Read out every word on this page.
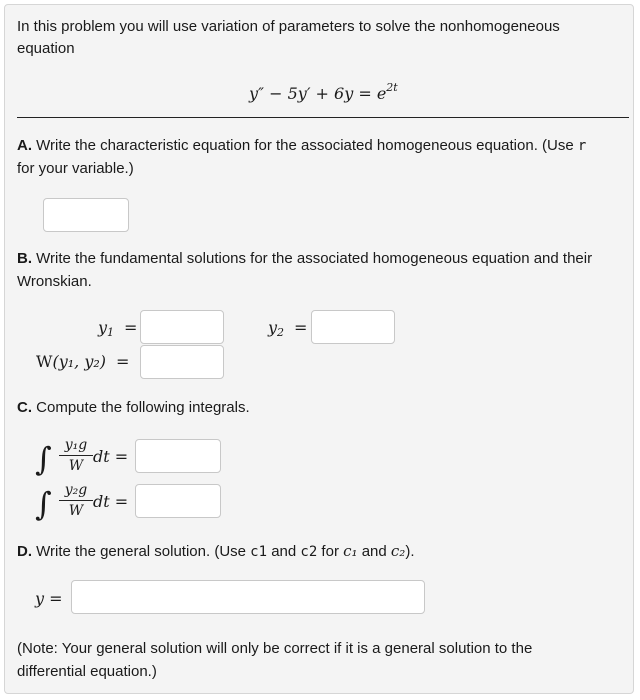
In this problem you will use variation of parameters to solve the nonhomogeneous
equation
$y'' - 5y' + 6y = e^{2t}$
A. Write the characteristic equation for the associated homogeneous equation. (Use r
for your variable.)
B. Write the fundamental solutions for the associated homogeneous equation and their
Wronskian.
$y_1$ =	$y_2$ =
W(y₁, y₂) =
C. Compute the following integrals.
∫ y₁g
W dt =
∫ y₂g
W dt =
D. Write the general solution. (Use c1 and c2 for c₁ and c₂).
y =
(Note: Your general solution will only be correct if it is a general solution to the
differential equation.)
